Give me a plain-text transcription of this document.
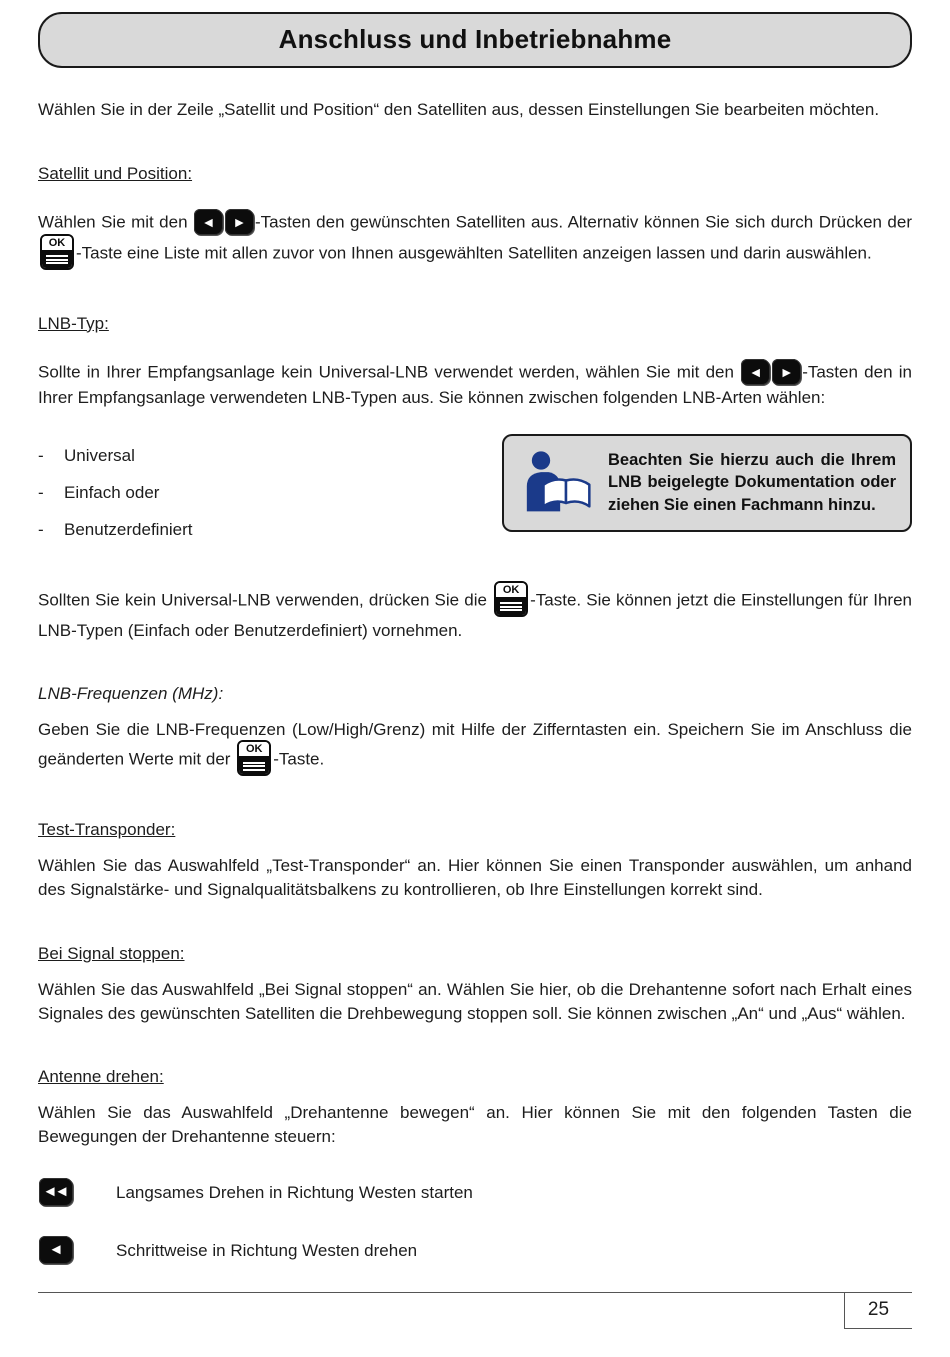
Anschluss und Inbetriebnahme

Wählen Sie in der Zeile „Satellit und Position“ den Satelliten aus, dessen Einstellungen Sie bearbeiten möchten.

Satellit und Position:

Wählen Sie mit den ◄ ► -Tasten den gewünschten Satelliten aus. Alternativ können Sie sich durch Drücken der
OK
-Taste eine Liste mit allen zuvor von Ihnen ausgewählten Satelliten anzeigen lassen und darin auswählen.

LNB-Typ:

Sollte in Ihrer Empfangsanlage kein Universal-LNB verwendet werden, wählen Sie mit den ◄ ► -Tasten den in Ihrer Empfangsanlage verwendeten LNB-Typen aus. Sie können zwischen folgenden LNB-Arten wählen:

-	Universal
-	Einfach oder
-	Benutzerdefiniert

Beachten Sie hierzu auch die Ihrem LNB beigelegte Dokumentation oder ziehen Sie einen Fachmann hinzu.

Sollten Sie kein Universal-LNB verwenden, drücken Sie die
OK
-Taste. Sie können jetzt die Einstellungen für Ihren LNB-Typen (Einfach oder Benutzerdefiniert) vornehmen.

LNB-Frequenzen (MHz):

Geben Sie die LNB-Frequenzen (Low/High/Grenz) mit Hilfe der Zifferntasten ein. Speichern Sie im Anschluss die geänderten Werte mit der
OK
-Taste.

Test-Transponder:

Wählen Sie das Auswahlfeld „Test-Transponder“ an. Hier können Sie einen Transponder auswählen, um anhand des Signalstärke- und Signalqualitätsbalkens zu kontrollieren, ob Ihre Einstellungen korrekt sind.

Bei Signal stoppen:

Wählen Sie das Auswahlfeld „Bei Signal stoppen“ an. Wählen Sie hier, ob die Drehantenne sofort nach Erhalt eines Signales des gewünschten Satelliten die Drehbewegung stoppen soll. Sie können zwischen „An“ und „Aus“ wählen.

Antenne drehen:

Wählen Sie das Auswahlfeld „Drehantenne bewegen“ an. Hier können Sie mit den folgenden Tasten die Bewegungen der Drehantenne steuern:

◄◄	Langsames Drehen in Richtung Westen starten
◄	Schrittweise in Richtung Westen drehen
25
